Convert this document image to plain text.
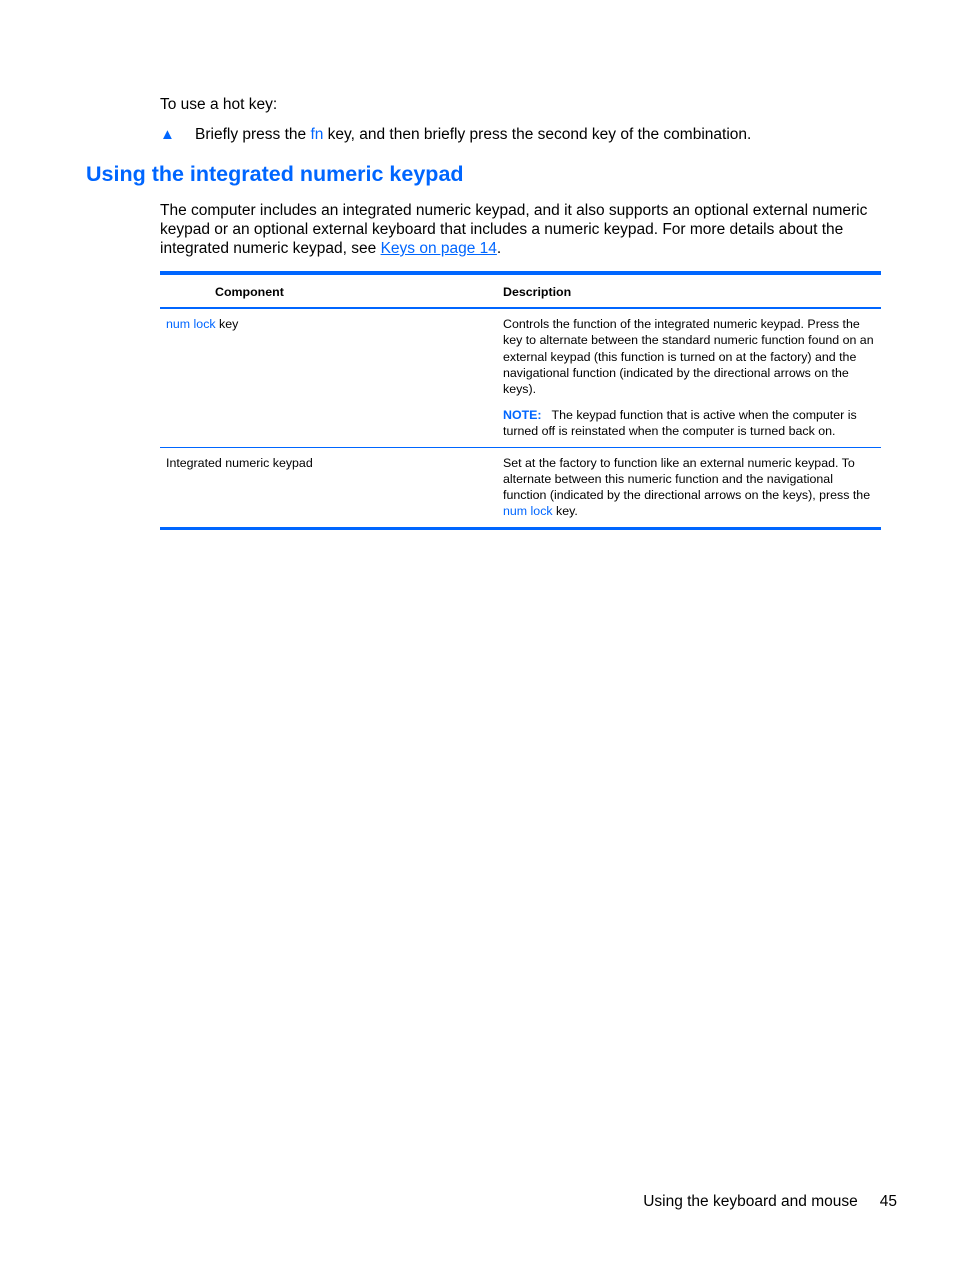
To use a hot key:
▲ Briefly press the fn key, and then briefly press the second key of the combination.
Using the integrated numeric keypad

The computer includes an integrated numeric keypad, and it also supports an optional external numeric keypad or an optional external keyboard that includes a numeric keypad. For more details about the integrated numeric keypad, see Keys on page 14.

Component	Description
num lock key	Controls the function of the integrated numeric keypad. Press the key to alternate between the standard numeric function found on an external keypad (this function is turned on at the factory) and the navigational function (indicated by the directional arrows on the keys).
NOTE: The keypad function that is active when the computer is turned off is reinstated when the computer is turned back on.

Integrated numeric keypad	Set at the factory to function like an external numeric keypad. To alternate between this numeric function and the navigational function (indicated by the directional arrows on the keys), press the num lock key.
Using the keyboard and mouse 45
